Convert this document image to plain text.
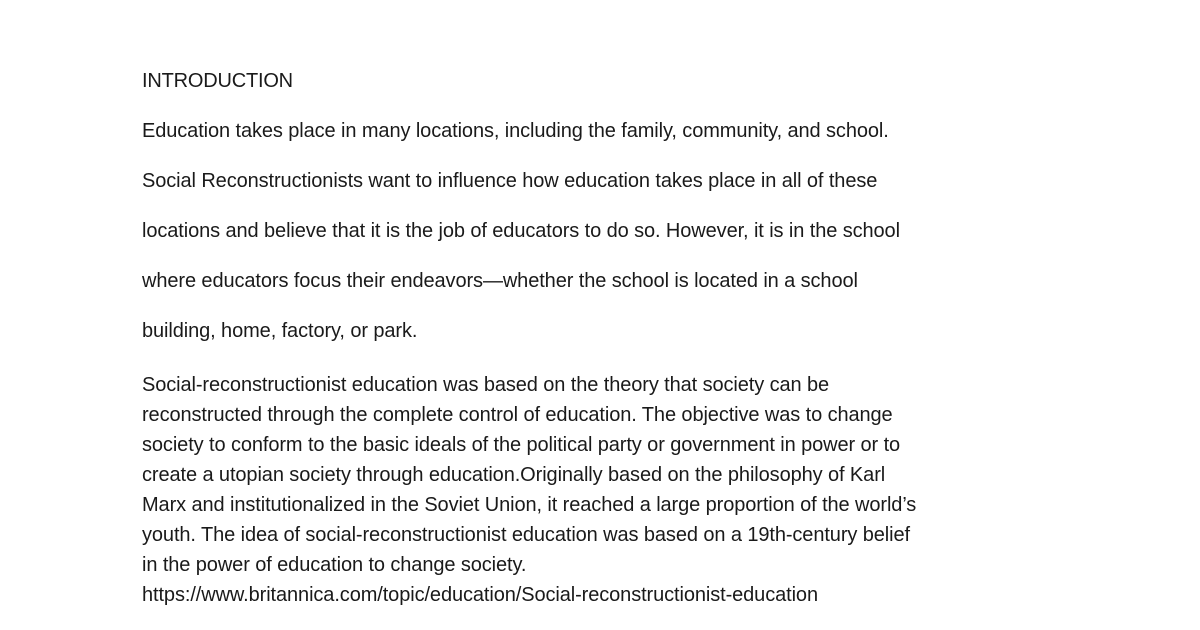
INTRODUCTION

Education takes place in many locations, including the family, community, and school.

Social Reconstructionists want to influence how education takes place in all of these

locations and believe that it is the job of educators to do so. However, it is in the school

where educators focus their endeavors—whether the school is located in a school

building, home, factory, or park.

Social-reconstructionist education was based on the theory that society can be
reconstructed through the complete control of education. The objective was to change
society to conform to the basic ideals of the political party or government in power or to
create a utopian society through education.Originally based on the philosophy of Karl
Marx and institutionalized in the Soviet Union, it reached a large proportion of the world’s
youth. The idea of social-reconstructionist education was based on a 19th-century belief
in the power of education to change society.
https://www.britannica.com/topic/education/Social-reconstructionist-education
